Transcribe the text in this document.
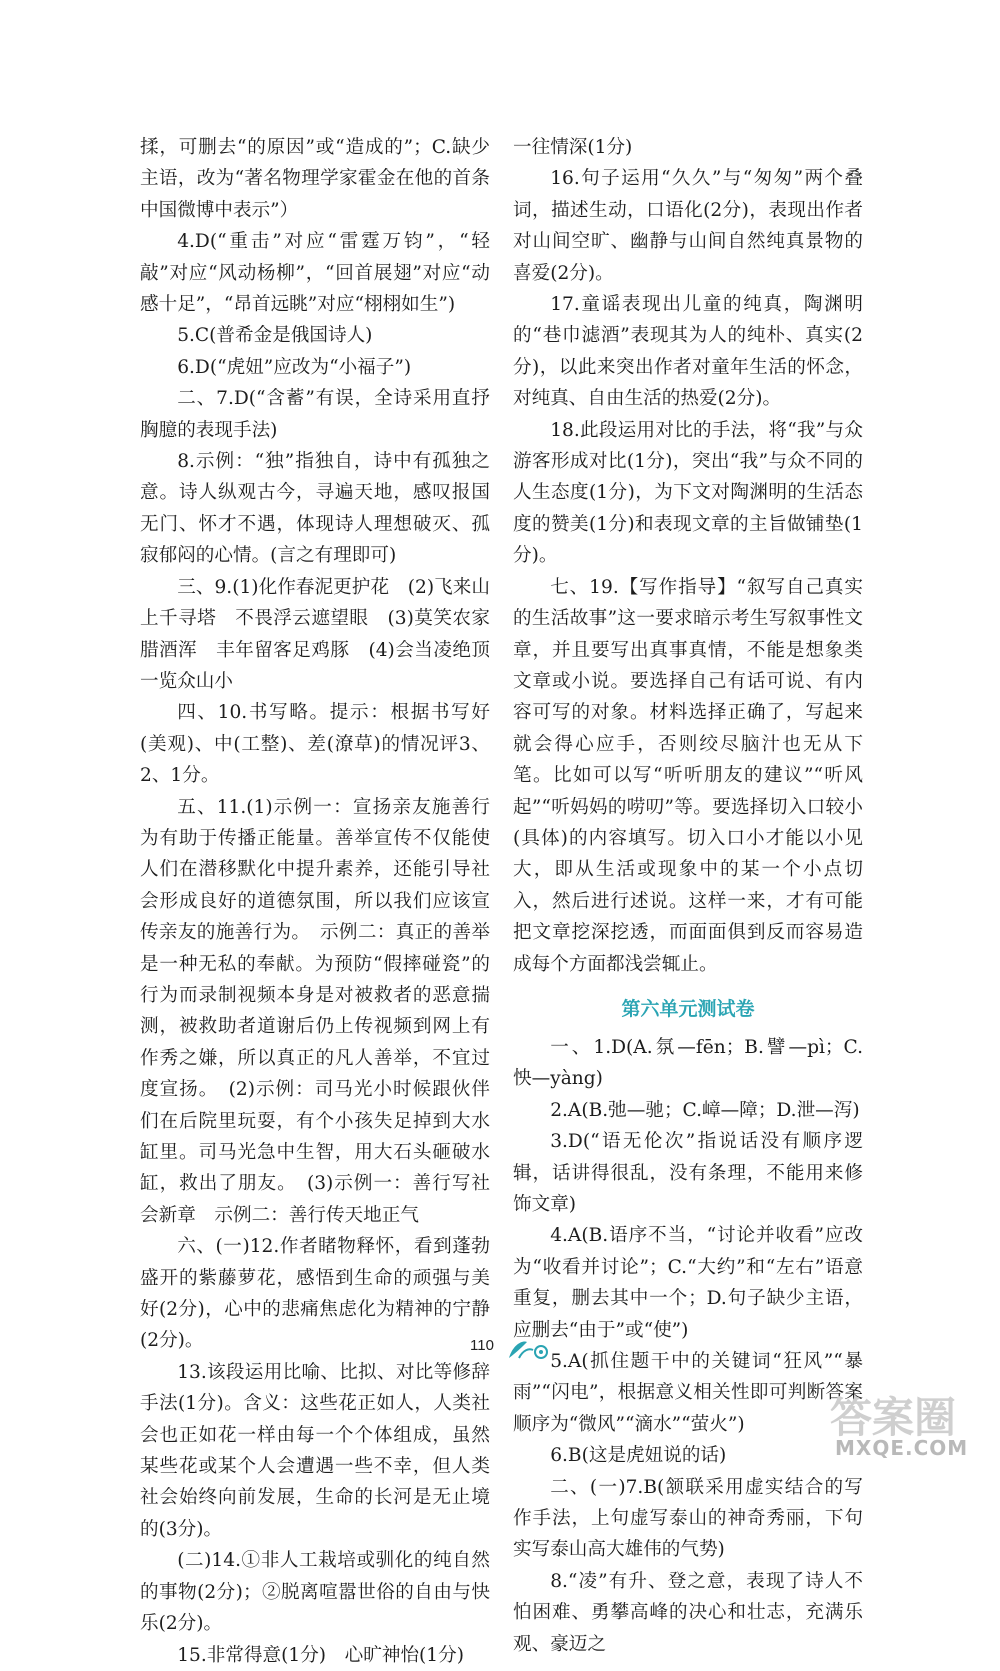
揉，可删去“的原因”或“造成的”；C.缺少主语，改为“著名物理学家霍金在他的首条中国微博中表示”）

4.D(“重击”对应“雷霆万钧”，“轻敲”对应“风动杨柳”，“回首展翅”对应“动感十足”，“昂首远眺”对应“栩栩如生”)

5.C(普希金是俄国诗人)

6.D(“虎妞”应改为“小福子”)

二、7.D(“含蓄”有误，全诗采用直抒胸臆的表现手法)

8.示例：“独”指独自，诗中有孤独之意。诗人纵观古今，寻遍天地，感叹报国无门、怀才不遇，体现诗人理想破灭、孤寂郁闷的心情。(言之有理即可)

三、9.(1)化作春泥更护花　(2)飞来山上千寻塔　不畏浮云遮望眼　(3)莫笑农家腊酒浑　丰年留客足鸡豚　(4)会当凌绝顶　一览众山小

四、10.书写略。提示：根据书写好(美观)、中(工整)、差(潦草)的情况评3、2、1分。

五、11.(1)示例一：宣扬亲友施善行为有助于传播正能量。善举宣传不仅能使人们在潜移默化中提升素养，还能引导社会形成良好的道德氛围，所以我们应该宣传亲友的施善行为。　示例二：真正的善举是一种无私的奉献。为预防“假摔碰瓷”的行为而录制视频本身是对被救者的恶意揣测，被救助者道谢后仍上传视频到网上有作秀之嫌，所以真正的凡人善举，不宜过度宣扬。　(2)示例：司马光小时候跟伙伴们在后院里玩耍，有个小孩失足掉到大水缸里。司马光急中生智，用大石头砸破水缸，救出了朋友。　(3)示例一：善行写社会新章　示例二：善行传天地正气

六、(一)12.作者睹物释怀，看到蓬勃盛开的紫藤萝花，感悟到生命的顽强与美好(2分)，心中的悲痛焦虑化为精神的宁静(2分)。

13.该段运用比喻、比拟、对比等修辞手法(1分)。含义：这些花正如人，人类社会也正如花一样由每一个个体组成，虽然某些花或某个人会遭遇一些不幸，但人类社会始终向前发展，生命的长河是无止境的(3分)。

(二)14.①非人工栽培或驯化的纯自然的事物(2分)；②脱离喧嚣世俗的自由与快乐(2分)。

15.非常得意(1分)　心旷神怡(1分)

一往情深(1分)

16.句子运用“久久”与“匆匆”两个叠词，描述生动，口语化(2分)，表现出作者对山间空旷、幽静与山间自然纯真景物的喜爱(2分)。

17.童谣表现出儿童的纯真，陶渊明的“巷巾滤酒”表现其为人的纯朴、真实(2分)，以此来突出作者对童年生活的怀念，对纯真、自由生活的热爱(2分)。

18.此段运用对比的手法，将“我”与众游客形成对比(1分)，突出“我”与众不同的人生态度(1分)，为下文对陶渊明的生活态度的赞美(1分)和表现文章的主旨做铺垫(1分)。

七、19.【写作指导】“叙写自己真实的生活故事”这一要求暗示考生写叙事性文章，并且要写出真事真情，不能是想象类文章或小说。要选择自己有话可说、有内容可写的对象。材料选择正确了，写起来就会得心应手，否则绞尽脑汁也无从下笔。比如可以写“听听朋友的建议”“听风起”“听妈妈的唠叨”等。要选择切入口较小(具体)的内容填写。切入口小才能以小见大，即从生活或现象中的某一个小点切入，然后进行述说。这样一来，才有可能把文章挖深挖透，而面面俱到反而容易造成每个方面都浅尝辄止。

第六单元测试卷

一、1.D(A.氛—fēn；B.譬—pì；C.怏—yàng)

2.A(B.弛—驰；C.嶂—障；D.泄—泻)

3.D(“语无伦次”指说话没有顺序逻辑，话讲得很乱，没有条理，不能用来修饰文章)

4.A(B.语序不当，“讨论并收看”应改为“收看并讨论”；C.“大约”和“左右”语意重复，删去其中一个；D.句子缺少主语，应删去“由于”或“使”)

5.A(抓住题干中的关键词“狂风”“暴雨”“闪电”，根据意义相关性即可判断答案顺序为“微风”“滴水”“萤火”)

6.B(这是虎妞说的话)

二、(一)7.B(颔联采用虚实结合的写作手法，上句虚写泰山的神奇秀丽，下句实写泰山高大雄伟的气势)

8.“凌”有升、登之意，表现了诗人不怕困难、勇攀高峰的决心和壮志，充满乐观、豪迈之

110
答案圈
MXQE.COM
